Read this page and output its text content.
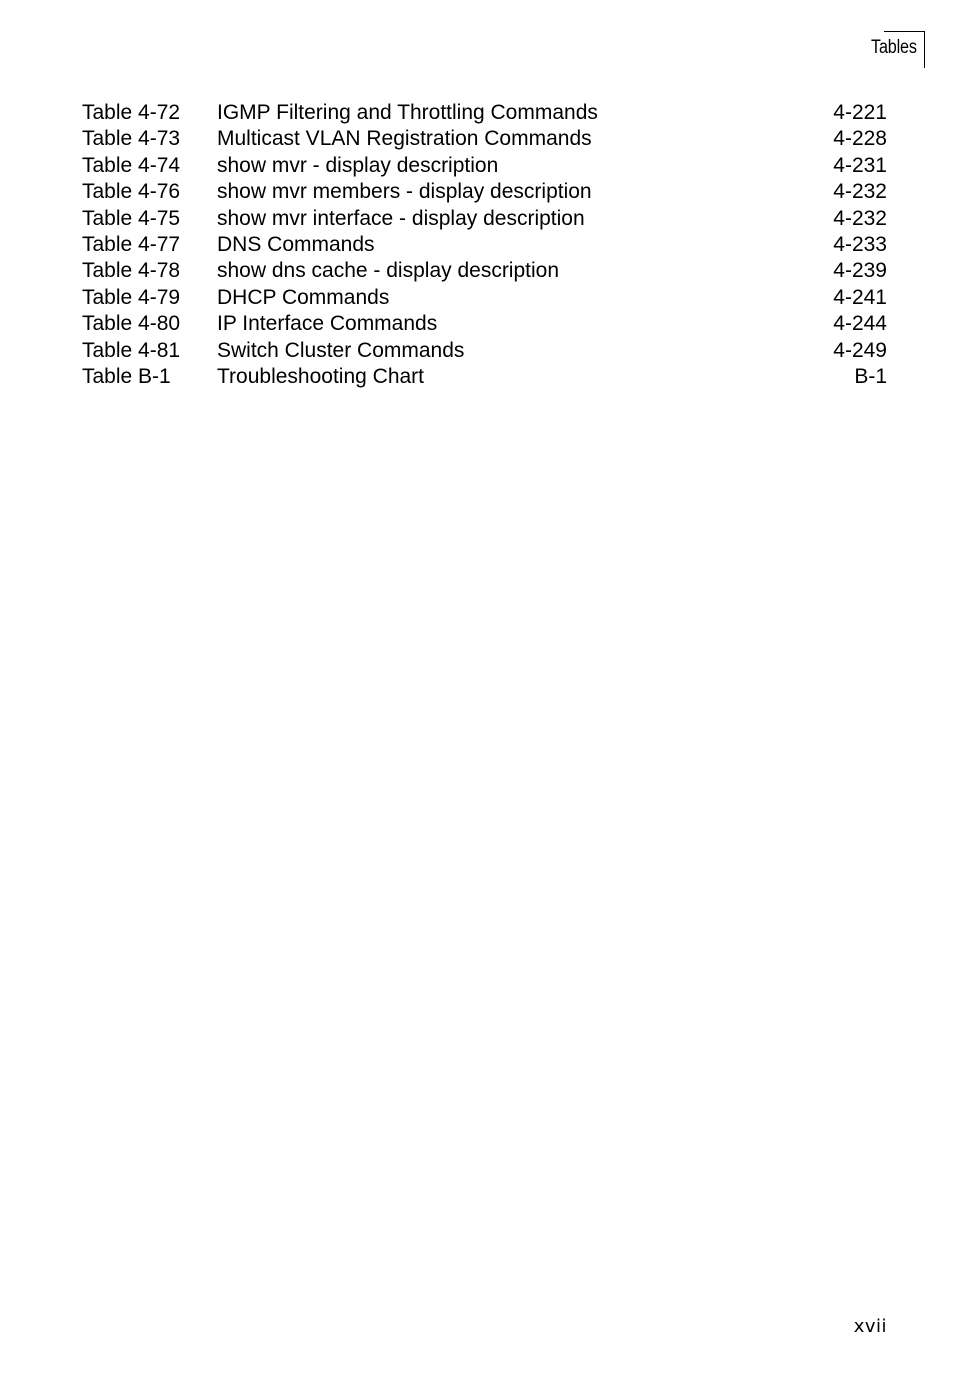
Tables
Table 4-72 IGMP Filtering and Throttling Commands	4-221
Table 4-73 Multicast VLAN Registration Commands	4-228
Table 4-74 show mvr - display description	4-231
Table 4-76 show mvr members - display description	4-232
Table 4-75 show mvr interface - display description	4-232
Table 4-77 DNS Commands	4-233
Table 4-78 show dns cache - display description	4-239
Table 4-79 DHCP Commands	4-241
Table 4-80 IP Interface Commands	4-244
Table 4-81 Switch Cluster Commands	4-249
Table B-1 Troubleshooting Chart	B-1
xvii
